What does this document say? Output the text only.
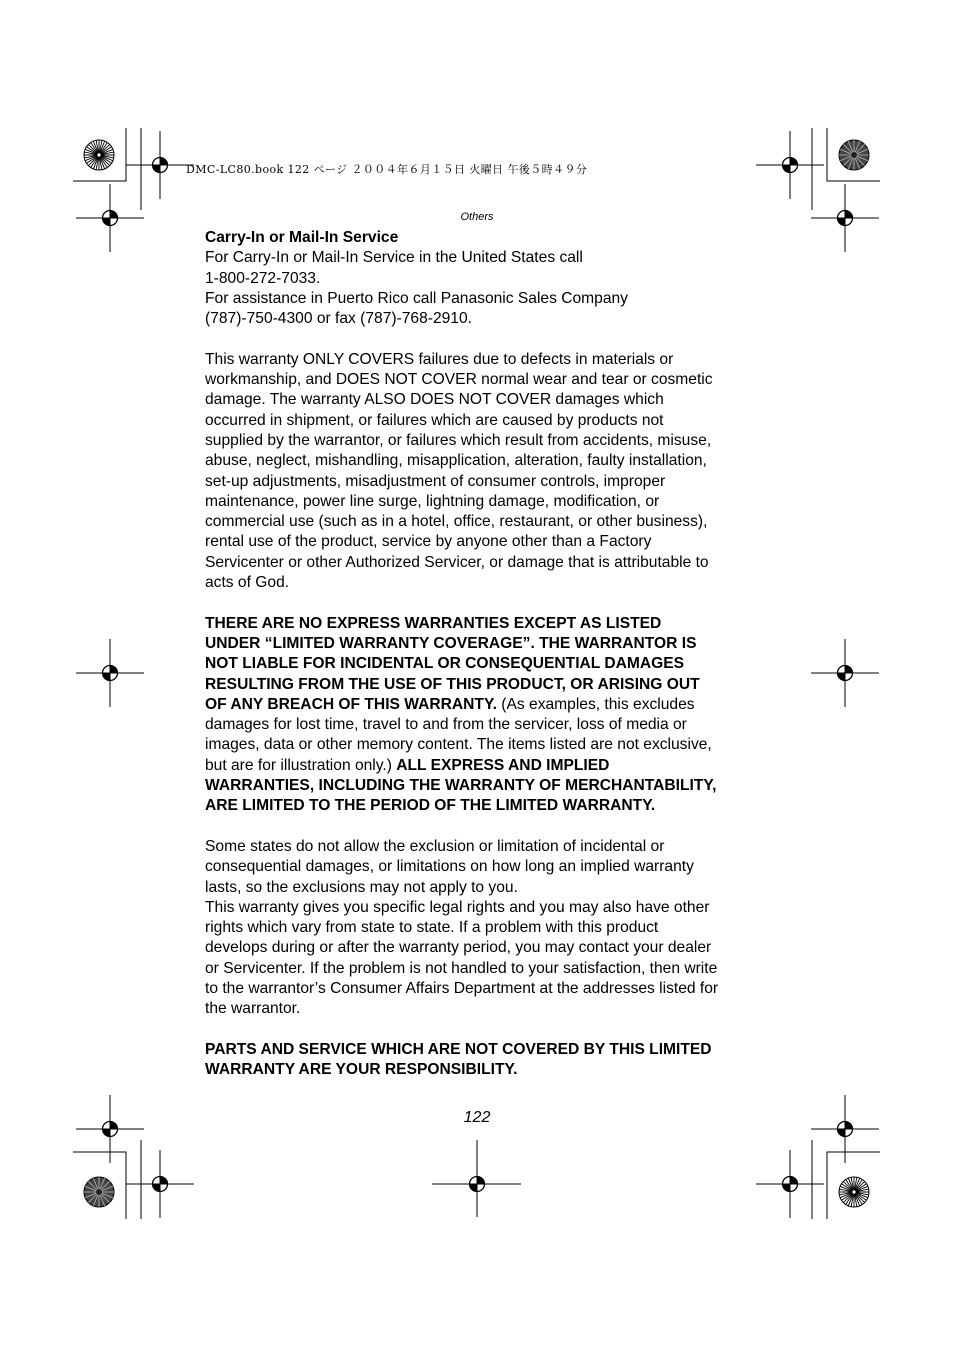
DMC-LC80.book 122 ページ ２００４年６月１５日 火曜日 午後５時４９分
Others

Carry-In or Mail-In Service

For Carry-In or Mail-In Service in the United States call

1-800-272-7033.

For assistance in Puerto Rico call Panasonic Sales Company

(787)-750-4300 or fax (787)-768-2910.

This warranty ONLY COVERS failures due to defects in materials or

workmanship, and DOES NOT COVER normal wear and tear or cosmetic

damage. The warranty ALSO DOES NOT COVER damages which

occurred in shipment, or failures which are caused by products not

supplied by the warrantor, or failures which result from accidents, misuse,

abuse, neglect, mishandling, misapplication, alteration, faulty installation,

set-up adjustments, misadjustment of consumer controls, improper

maintenance, power line surge, lightning damage, modification, or

commercial use (such as in a hotel, office, restaurant, or other business),

rental use of the product, service by anyone other than a Factory

Servicenter or other Authorized Servicer, or damage that is attributable to

acts of God.

THERE ARE NO EXPRESS WARRANTIES EXCEPT AS LISTED

UNDER “LIMITED WARRANTY COVERAGE”. THE WARRANTOR IS

NOT LIABLE FOR INCIDENTAL OR CONSEQUENTIAL DAMAGES

RESULTING FROM THE USE OF THIS PRODUCT, OR ARISING OUT

OF ANY BREACH OF THIS WARRANTY. (As examples, this excludes

damages for lost time, travel to and from the servicer, loss of media or

images, data or other memory content. The items listed are not exclusive,

but are for illustration only.) ALL EXPRESS AND IMPLIED

WARRANTIES, INCLUDING THE WARRANTY OF MERCHANTABILITY,

ARE LIMITED TO THE PERIOD OF THE LIMITED WARRANTY.

Some states do not allow the exclusion or limitation of incidental or

consequential damages, or limitations on how long an implied warranty

lasts, so the exclusions may not apply to you.

This warranty gives you specific legal rights and you may also have other

rights which vary from state to state. If a problem with this product

develops during or after the warranty period, you may contact your dealer

or Servicenter. If the problem is not handled to your satisfaction, then write

to the warrantor’s Consumer Affairs Department at the addresses listed for

the warrantor.

PARTS AND SERVICE WHICH ARE NOT COVERED BY THIS LIMITED

WARRANTY ARE YOUR RESPONSIBILITY.

122
